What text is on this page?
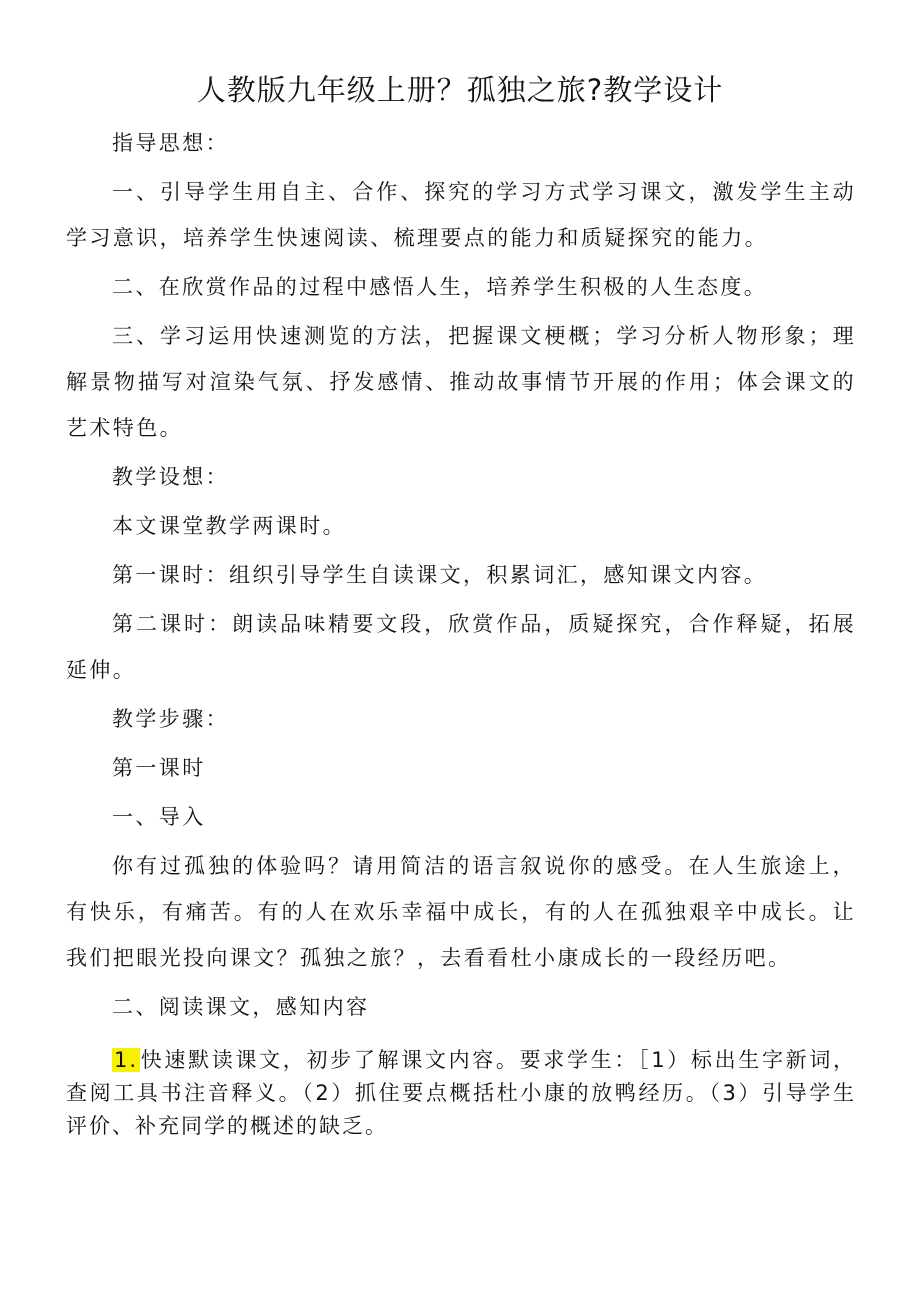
人教版九年级上册？孤独之旅?教学设计

指导思想：

一、引导学生用自主、合作、探究的学习方式学习课文，激发学生主动学习意识，培养学生快速阅读、梳理要点的能力和质疑探究的能力。

二、在欣赏作品的过程中感悟人生，培养学生积极的人生态度。

三、学习运用快速测览的方法，把握课文梗概；学习分析人物形象；理解景物描写对渲染气氛、抒发感情、推动故事情节开展的作用；体会课文的艺术特色。

教学设想：

本文课堂教学两课时。

第一课时：组织引导学生自读课文，积累词汇，感知课文内容。

第二课时：朗读品味精要文段，欣赏作品，质疑探究，合作释疑，拓展延伸。

教学步骤：

第一课时

一、导入

你有过孤独的体验吗？请用简洁的语言叙说你的感受。在人生旅途上，有快乐，有痛苦。有的人在欢乐幸福中成长，有的人在孤独艰辛中成长。让我们把眼光投向课文？孤独之旅？，去看看杜小康成长的一段经历吧。

二、阅读课文，感知内容

1.快速默读课文，初步了解课文内容。要求学生：［1）标出生字新词，查阅工具书注音释义。（2）抓住要点概括杜小康的放鸭经历。（3）引导学生评价、补充同学的概述的缺乏。
